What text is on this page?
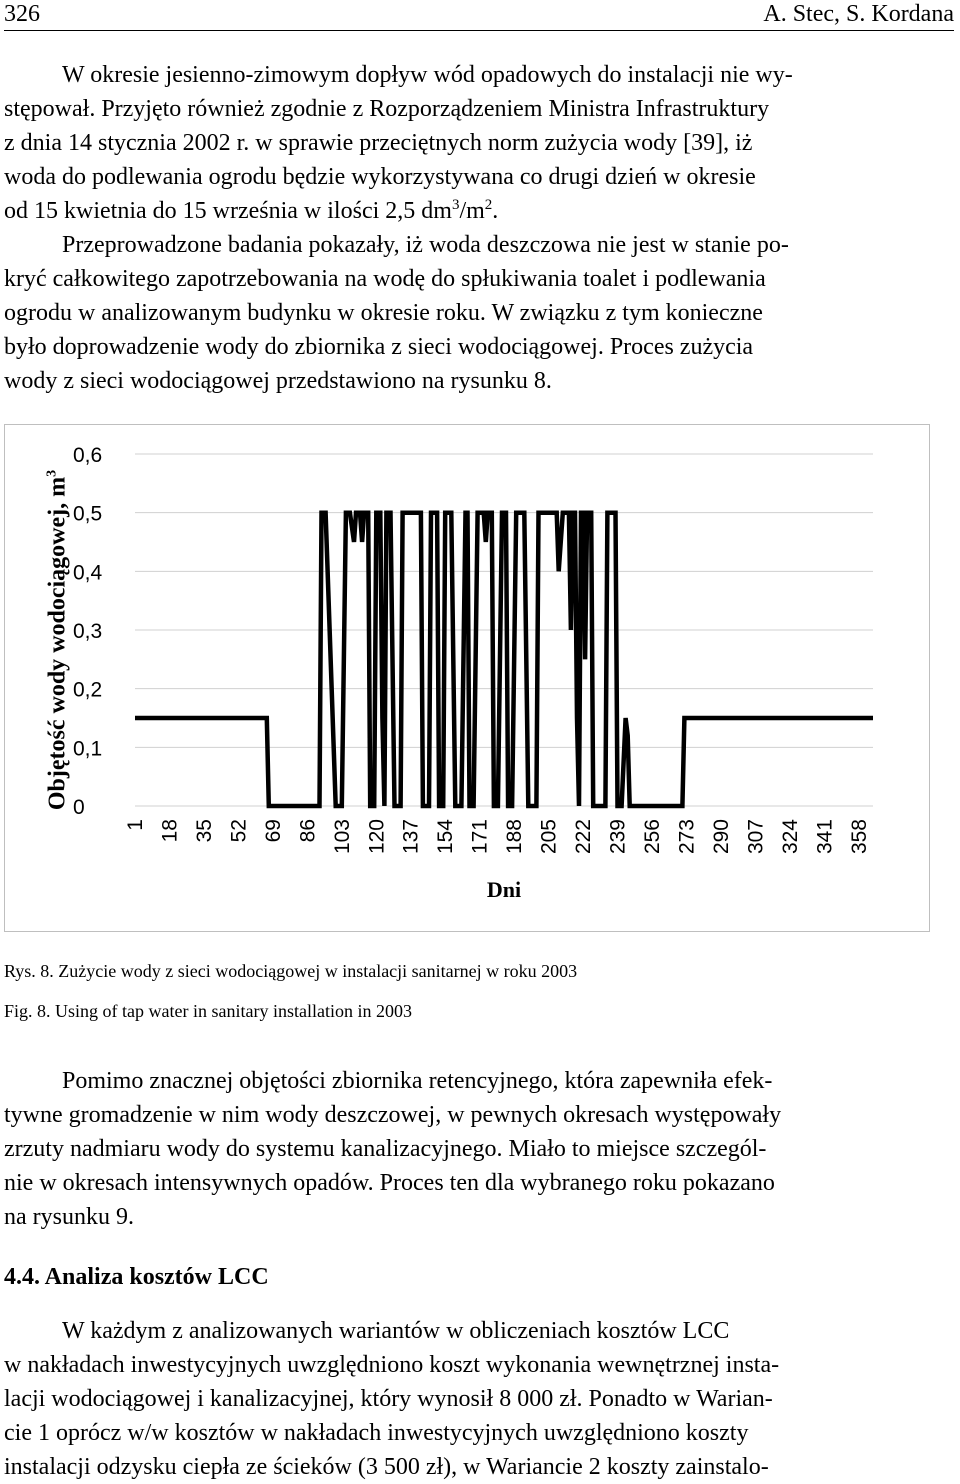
326	A. Stec, S. Kordana

W okresie jesienno-zimowym dopływ wód opadowych do instalacji nie wy-
stępował. Przyjęto również zgodnie z Rozporządzeniem Ministra Infrastruktury
z dnia 14 stycznia 2002 r. w sprawie przeciętnych norm zużycia wody [39], iż
woda do podlewania ogrodu będzie wykorzystywana co drugi dzień w okresie
od 15 kwietnia do 15 września w ilości 2,5 $dm^3/m^2$.

Przeprowadzone badania pokazały, iż woda deszczowa nie jest w stanie po-
kryć całkowitego zapotrzebowania na wodę do spłukiwania toalet i podlewania
ogrodu w analizowanym budynku w okresie roku. W związku z tym konieczne
było doprowadzenie wody do zbiornika z sieci wodociągowej. Proces zużycia
wody z sieci wodociągowej przedstawiono na rysunku 8.

0
0,1
0,2
0,3
0,4
0,5
0,6
1 18 35 52 69 86 103 120 137 154 171 188 205 222 239 256 273 290 307 324 341 358
Dni
Objętość wody wodociągowej, $m^3$
Rys. 8. Zużycie wody z sieci wodociągowej w instalacji sanitarnej w roku 2003
Fig. 8. Using of tap water in sanitary installation in 2003

Pomimo znacznej objętości zbiornika retencyjnego, która zapewniła efek-
tywne gromadzenie w nim wody deszczowej, w pewnych okresach występowały
zrzuty nadmiaru wody do systemu kanalizacyjnego. Miało to miejsce szczegól-
nie w okresach intensywnych opadów. Proces ten dla wybranego roku pokazano
na rysunku 9.

4.4. Analiza kosztów LCC

W każdym z analizowanych wariantów w obliczeniach kosztów LCC
w nakładach inwestycyjnych uwzględniono koszt wykonania wewnętrznej insta-
lacji wodociągowej i kanalizacyjnej, który wynosił 8 000 zł. Ponadto w Warian-
cie 1 oprócz w/w kosztów w nakładach inwestycyjnych uwzględniono koszty
instalacji odzysku ciepła ze ścieków (3 500 zł), w Wariancie 2 koszty zainstalo-
